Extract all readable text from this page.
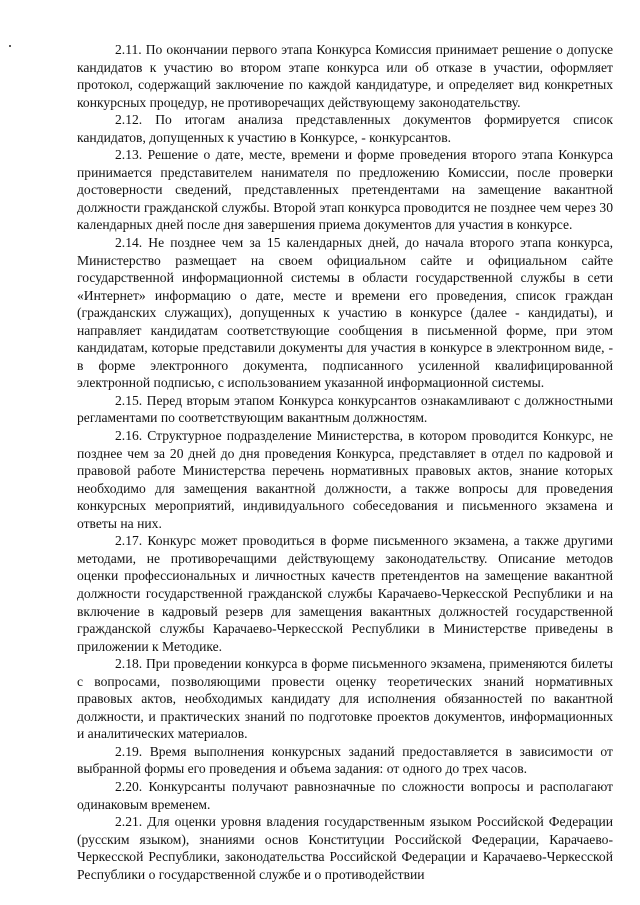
2.11. По окончании первого этапа Конкурса Комиссия принимает решение о допуске кандидатов к участию во втором этапе конкурса или об отказе в участии, оформляет протокол, содержащий заключение по каждой кандидатуре, и определяет вид конкретных конкурсных процедур, не противоречащих действующему законодательству.

2.12. По итогам анализа представленных документов формируется список кандидатов, допущенных к участию в Конкурсе, - конкурсантов.

2.13. Решение о дате, месте, времени и форме проведения второго этапа Конкурса принимается представителем нанимателя по предложению Комиссии, после проверки достоверности сведений, представленных претендентами на замещение вакантной должности гражданской службы. Второй этап конкурса проводится не позднее чем через 30 календарных дней после дня завершения приема документов для участия в конкурсе.

2.14. Не позднее чем за 15 календарных дней, до начала второго этапа конкурса, Министерство размещает на своем официальном сайте и официальном сайте государственной информационной системы в области государственной службы в сети «Интернет» информацию о дате, месте и времени его проведения, список граждан (гражданских служащих), допущенных к участию в конкурсе (далее - кандидаты), и направляет кандидатам соответствующие сообщения в письменной форме, при этом кандидатам, которые представили документы для участия в конкурсе в электронном виде, - в форме электронного документа, подписанного усиленной квалифицированной электронной подписью, с использованием указанной информационной системы.

2.15. Перед вторым этапом Конкурса конкурсантов ознакамливают с должностными регламентами по соответствующим вакантным должностям.

2.16. Структурное подразделение Министерства, в котором проводится Конкурс, не позднее чем за 20 дней до дня проведения Конкурса, представляет в отдел по кадровой и правовой работе Министерства перечень нормативных правовых актов, знание которых необходимо для замещения вакантной должности, а также вопросы для проведения конкурсных мероприятий, индивидуального собеседования и письменного экзамена и ответы на них.

2.17. Конкурс может проводиться в форме письменного экзамена, а также другими методами, не противоречащими действующему законодательству. Описание методов оценки профессиональных и личностных качеств претендентов на замещение вакантной должности государственной гражданской службы Карачаево-Черкесской Республики и на включение в кадровый резерв для замещения вакантных должностей государственной гражданской службы Карачаево-Черкесской Республики в Министерстве приведены в приложении к Методике.

2.18. При проведении конкурса в форме письменного экзамена, применяются билеты с вопросами, позволяющими провести оценку теоретических знаний нормативных правовых актов, необходимых кандидату для исполнения обязанностей по вакантной должности, и практических знаний по подготовке проектов документов, информационных и аналитических материалов.

2.19. Время выполнения конкурсных заданий предоставляется в зависимости от выбранной формы его проведения и объема задания: от одного до трех часов.

2.20. Конкурсанты получают равнозначные по сложности вопросы и располагают одинаковым временем.

2.21. Для оценки уровня владения государственным языком Российской Федерации (русским языком), знаниями основ Конституции Российской Федерации, Карачаево-Черкесской Республики, законодательства Российской Федерации и Карачаево-Черкесской Республики о государственной службе и о противодействии
